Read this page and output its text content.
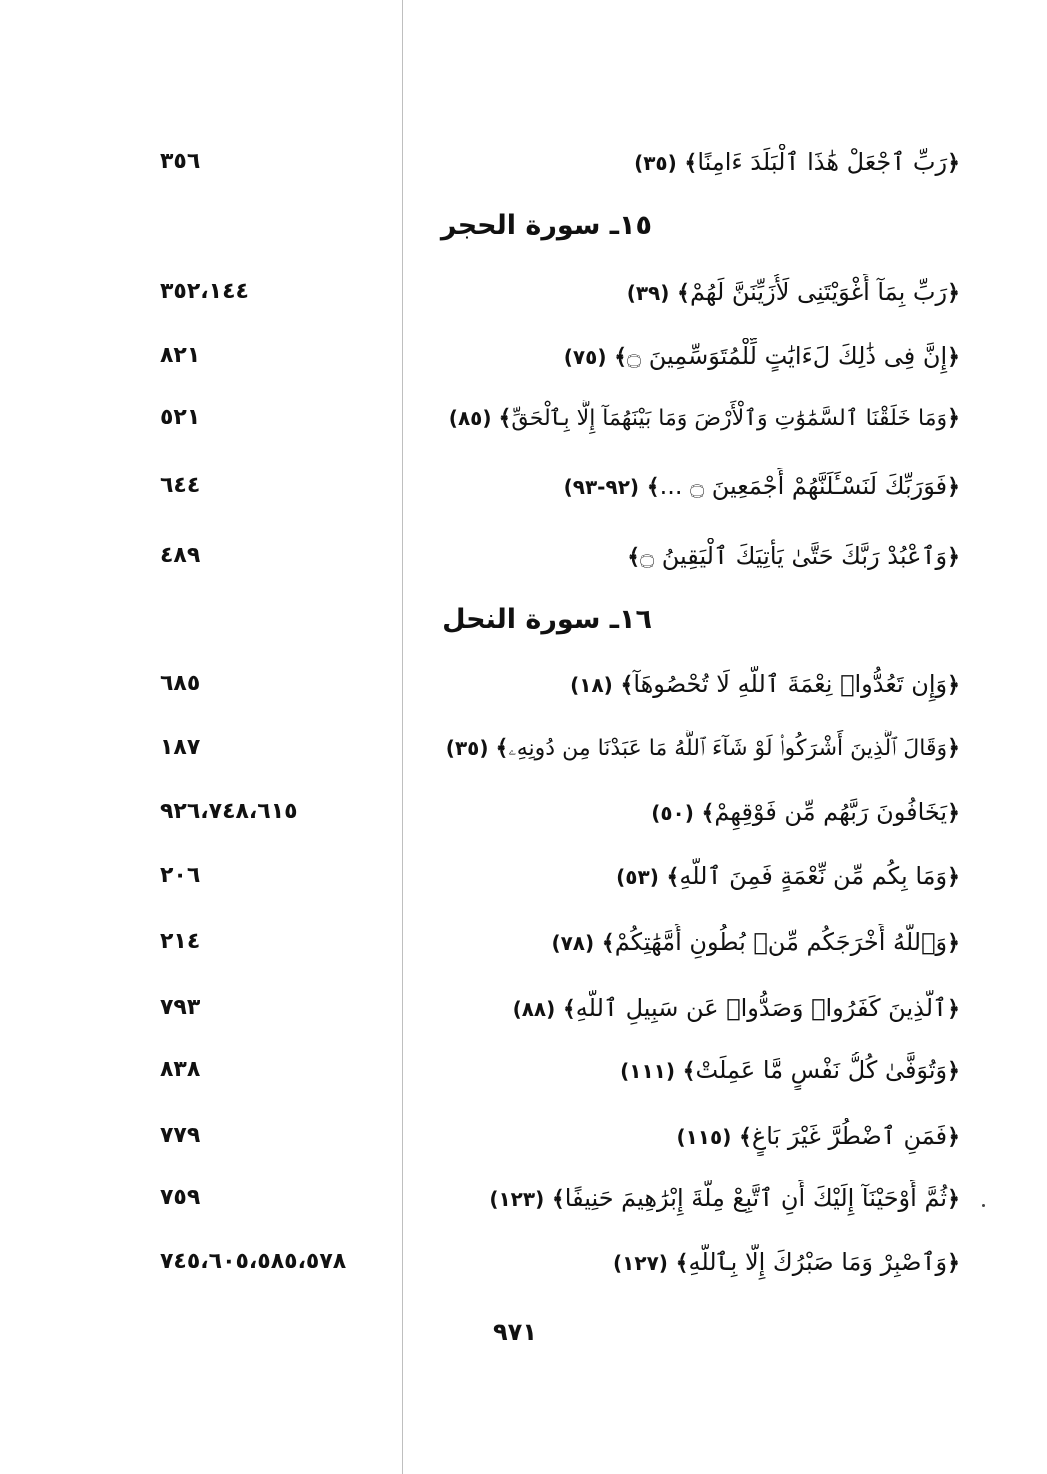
٣٥٦	﴿رَبِّ ٱجْعَلْ هَٰذَا ٱلْبَلَدَ ءَامِنًا﴾ (٣٥)
١٥ـ سورة الحجر
٣٥٢،١٤٤	﴿رَبِّ بِمَآ أَغْوَيْتَنِى لَأُزَيِّنَنَّ لَهُمْ﴾ (٣٩)
٨٢١	﴿إِنَّ فِى ذَٰلِكَ لَءَايَٰتٍ لِّلْمُتَوَسِّمِينَ ۝﴾ (٧٥)
٥٢١	﴿وَمَا خَلَقْنَا ٱلسَّمَٰوَٰتِ وَٱلْأَرْضَ وَمَا بَيْنَهُمَآ إِلَّا بِٱلْحَقِّ﴾ (٨٥)
٦٤٤	﴿فَوَرَبِّكَ لَنَسْـَٔلَنَّهُمْ أَجْمَعِينَ ۝ ...﴾ (٩٢-٩٣)
٤٨٩	﴿وَٱعْبُدْ رَبَّكَ حَتَّىٰ يَأْتِيَكَ ٱلْيَقِينُ ۝﴾
١٦ـ سورة النحل
٦٨٥	﴿وَإِن تَعُدُّوا۟ نِعْمَةَ ٱللَّهِ لَا تُحْصُوهَآ﴾ (١٨)
١٨٧	﴿وَقَالَ ٱلَّذِينَ أَشْرَكُوا۟ لَوْ شَآءَ ٱللَّهُ مَا عَبَدْنَا مِن دُونِهِۦ﴾ (٣٥)
٩٢٦،٧٤٨،٦١٥	﴿يَخَافُونَ رَبَّهُم مِّن فَوْقِهِمْ﴾ (٥٠)
٢٠٦	﴿وَمَا بِكُم مِّن نِّعْمَةٍ فَمِنَ ٱللَّهِ﴾ (٥٣)
٢١٤	﴿وَٱللَّهُ أَخْرَجَكُم مِّنۢ بُطُونِ أُمَّهَٰتِكُمْ﴾ (٧٨)
٧٩٣	﴿ٱلَّذِينَ كَفَرُوا۟ وَصَدُّوا۟ عَن سَبِيلِ ٱللَّهِ﴾ (٨٨)
٨٣٨	﴿وَتُوَفَّىٰ كُلُّ نَفْسٍ مَّا عَمِلَتْ﴾ (١١١)
٧٧٩	﴿فَمَنِ ٱضْطُرَّ غَيْرَ بَاغٍ﴾ (١١٥)
٧٥٩	﴿ثُمَّ أَوْحَيْنَآ إِلَيْكَ أَنِ ٱتَّبِعْ مِلَّةَ إِبْرَٰهِيمَ حَنِيفًا﴾ (١٢٣)
٧٤٥،٦٠٥،٥٨٥،٥٧٨	﴿وَٱصْبِرْ وَمَا صَبْرُكَ إِلَّا بِٱللَّهِ﴾ (١٢٧)
٩٧١
